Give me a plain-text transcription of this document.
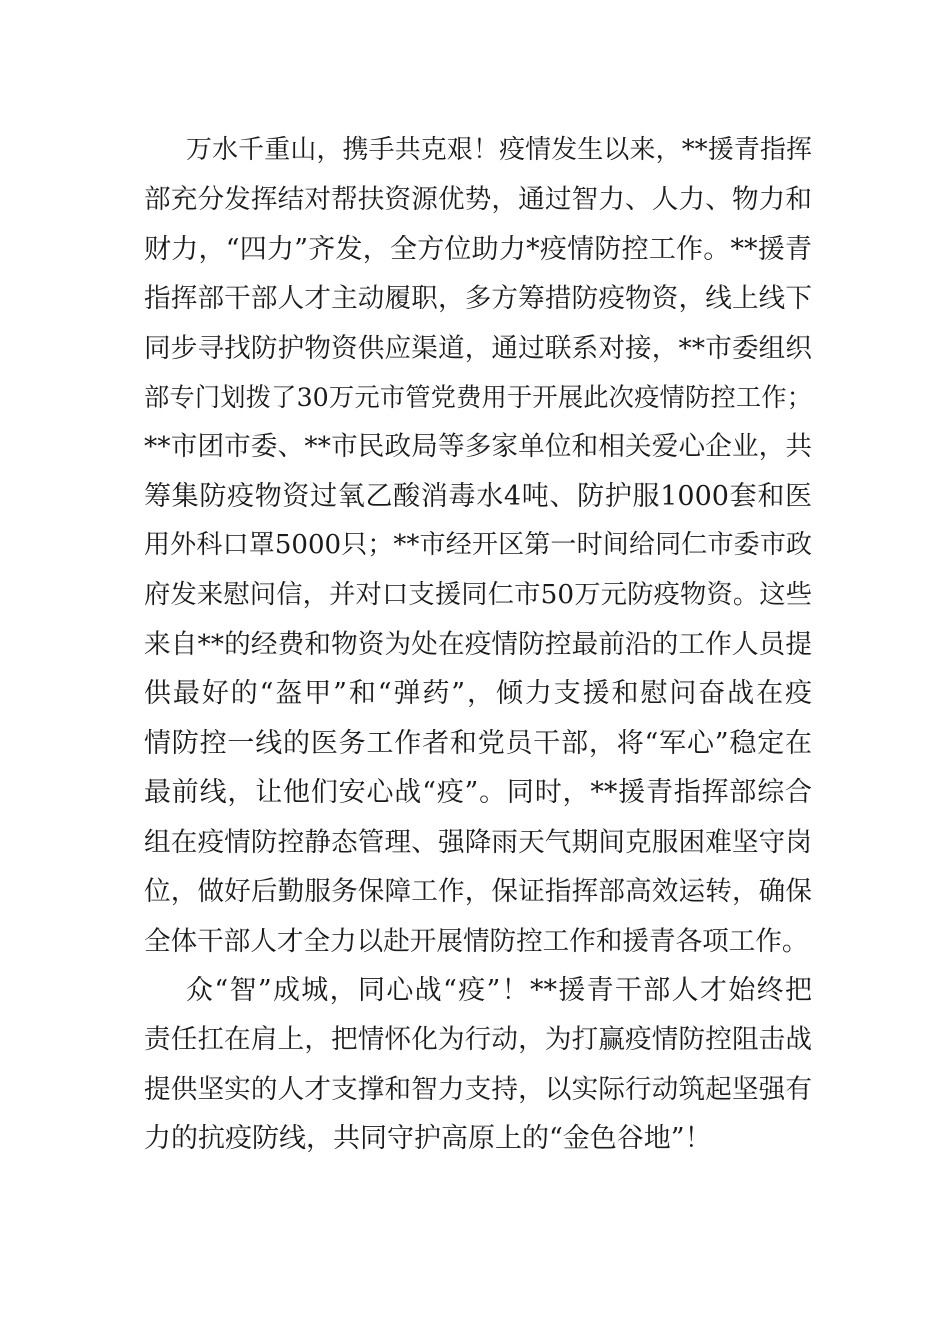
万水千重山，携手共克艰！疫情发生以来，**援青指挥
部充分发挥结对帮扶资源优势，通过智力、人力、物力和
财力，“四力”齐发，全方位助力*疫情防控工作。**援青
指挥部干部人才主动履职，多方筹措防疫物资，线上线下
同步寻找防护物资供应渠道，通过联系对接，**市委组织
部专门划拨了30万元市管党费用于开展此次疫情防控工作；
**市团市委、**市民政局等多家单位和相关爱心企业，共
筹集防疫物资过氧乙酸消毒水4吨、防护服1000套和医
用外科口罩5000只；**市经开区第一时间给同仁市委市政
府发来慰问信，并对口支援同仁市50万元防疫物资。这些
来自**的经费和物资为处在疫情防控最前沿的工作人员提
供最好的“盔甲”和“弹药”，倾力支援和慰问奋战在疫
情防控一线的医务工作者和党员干部，将“军心”稳定在
最前线，让他们安心战“疫”。同时，**援青指挥部综合
组在疫情防控静态管理、强降雨天气期间克服困难坚守岗
位，做好后勤服务保障工作，保证指挥部高效运转，确保
全体干部人才全力以赴开展情防控工作和援青各项工作。

众“智”成城，同心战“疫”！**援青干部人才始终把
责任扛在肩上，把情怀化为行动，为打赢疫情防控阻击战
提供坚实的人才支撑和智力支持，以实际行动筑起坚强有
力的抗疫防线，共同守护高原上的“金色谷地”！
